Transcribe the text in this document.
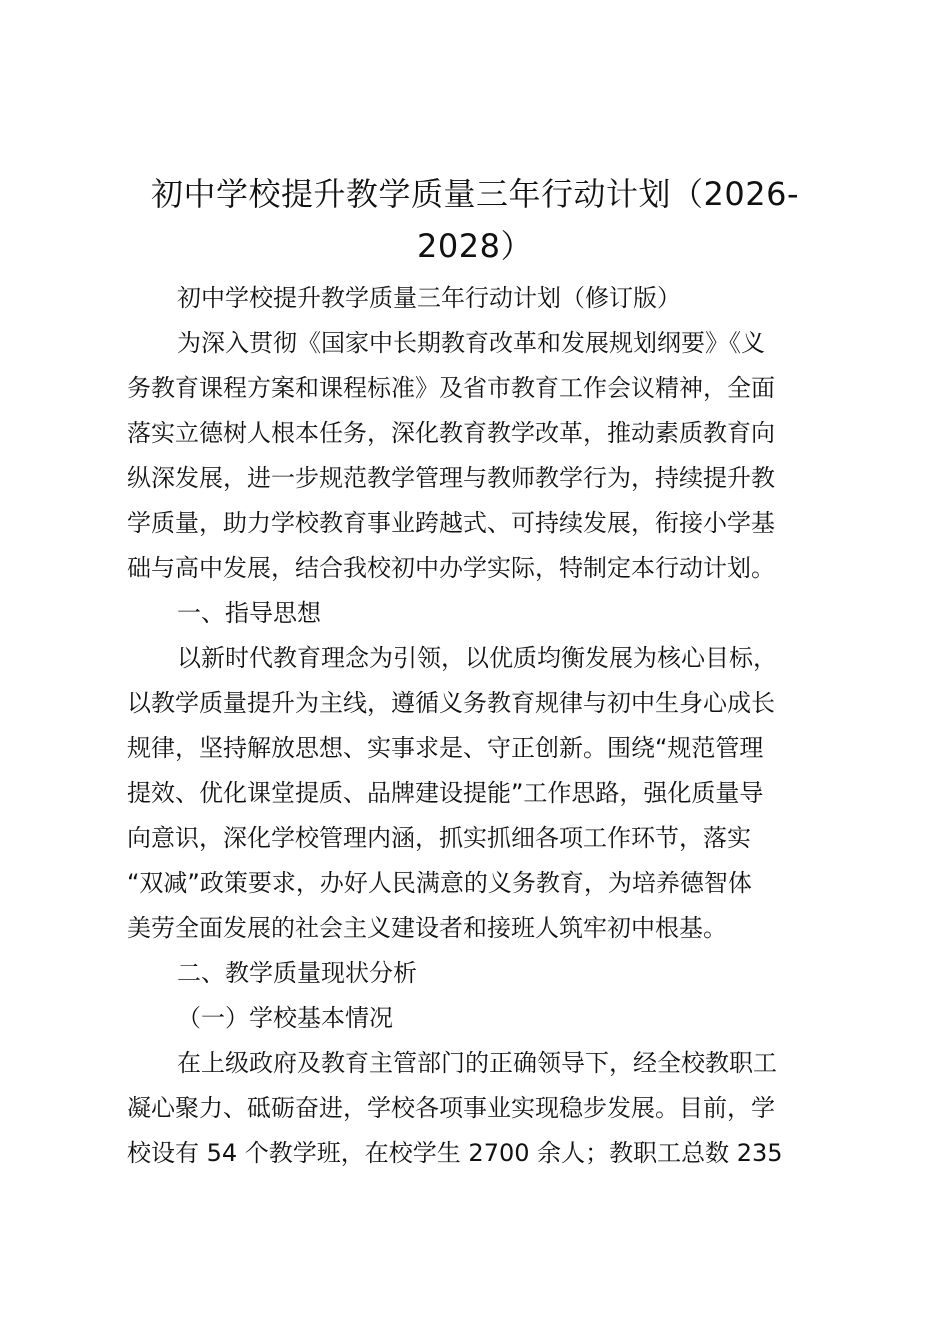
初中学校提升教学质量三年行动计划（2026-2028）
初中学校提升教学质量三年行动计划（修订版）
为深入贯彻《国家中长期教育改革和发展规划纲要》《义
务教育课程方案和课程标准》及省市教育工作会议精神，全面
落实立德树人根本任务，深化教育教学改革，推动素质教育向
纵深发展，进一步规范教学管理与教师教学行为，持续提升教
学质量，助力学校教育事业跨越式、可持续发展，衔接小学基
础与高中发展，结合我校初中办学实际，特制定本行动计划。
一、指导思想
以新时代教育理念为引领，以优质均衡发展为核心目标，
以教学质量提升为主线，遵循义务教育规律与初中生身心成长
规律，坚持解放思想、实事求是、守正创新。围绕“规范管理
提效、优化课堂提质、品牌建设提能”工作思路，强化质量导
向意识，深化学校管理内涵，抓实抓细各项工作环节，落实
“双减”政策要求，办好人民满意的义务教育，为培养德智体
美劳全面发展的社会主义建设者和接班人筑牢初中根基。
二、教学质量现状分析
（一）学校基本情况
在上级政府及教育主管部门的正确领导下，经全校教职工
凝心聚力、砥砺奋进，学校各项事业实现稳步发展。目前，学
校设有 54 个教学班，在校学生 2700 余人；教职工总数 235
